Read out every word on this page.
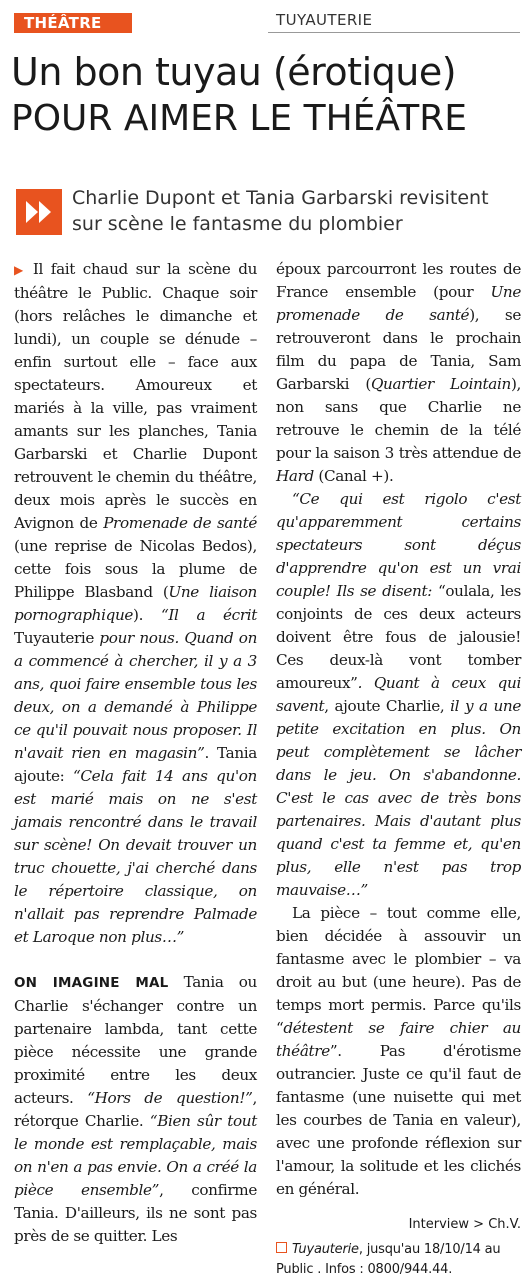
THÉÂTRE	TUYAUTERIE
Un bon tuyau (érotique)
POUR AIMER LE THÉÂTRE
Charlie Dupont et Tania Garbarski revisitent
sur scène le fantasme du plombier

▶ Il fait chaud sur la scène du théâtre le Public. Chaque soir (hors relâches le dimanche et lundi), un couple se dénude – enfin surtout elle – face aux spectateurs. Amoureux et mariés à la ville, pas vraiment amants sur les planches, Tania Garbarski et Charlie Dupont retrouvent le chemin du théâtre, deux mois après le succès en Avignon de Promenade de santé (une reprise de Nicolas Bedos), cette fois sous la plume de Philippe Blasband (Une liaison pornographique). “Il a écrit Tuyauterie pour nous. Quand on a commencé à chercher, il y a 3 ans, quoi faire ensemble tous les deux, on a demandé à Philippe ce qu'il pouvait nous proposer. Il n'avait rien en magasin”. Tania ajoute: “Cela fait 14 ans qu'on est marié mais on ne s'est jamais rencontré dans le travail sur scène! On devait trouver un truc chouette, j'ai cherché dans le répertoire classique, on n'allait pas reprendre Palmade et Laroque non plus…”

ON IMAGINE MAL Tania ou Charlie s'échanger contre un partenaire lambda, tant cette pièce nécessite une grande proximité entre les deux acteurs. “Hors de question!”, rétorque Charlie. “Bien sûr tout le monde est remplaçable, mais on n'en a pas envie. On a créé la pièce ensemble”, confirme Tania. D'ailleurs, ils ne sont pas près de se quitter. Les

époux parcourront les routes de France ensemble (pour Une promenade de santé), se retrouveront dans le prochain film du papa de Tania, Sam Garbarski (Quartier Lointain), non sans que Charlie ne retrouve le chemin de la télé pour la saison 3 très attendue de Hard (Canal +).

“Ce qui est rigolo c'est qu'apparemment certains spectateurs sont déçus d'apprendre qu'on est un vrai couple! Ils se disent: “oulala, les conjoints de ces deux acteurs doivent être fous de jalousie! Ces deux-là vont tomber amoureux”. Quant à ceux qui savent, ajoute Charlie, il y a une petite excitation en plus. On peut complètement se lâcher dans le jeu. On s'abandonne. C'est le cas avec de très bons partenaires. Mais d'autant plus quand c'est ta femme et, qu'en plus, elle n'est pas trop mauvaise…”

La pièce – tout comme elle, bien décidée à assouvir un fantasme avec le plombier – va droit au but (une heure). Pas de temps mort permis. Parce qu'ils “détestent se faire chier au théâtre”. Pas d'érotisme outrancier. Juste ce qu'il faut de fantasme (une nuisette qui met les courbes de Tania en valeur), avec une profonde réflexion sur l'amour, la solitude et les clichés en général.

Interview > Ch.V.
Tuyauterie, jusqu'au 18/10/14 au Public . Infos : 0800/944.44.
